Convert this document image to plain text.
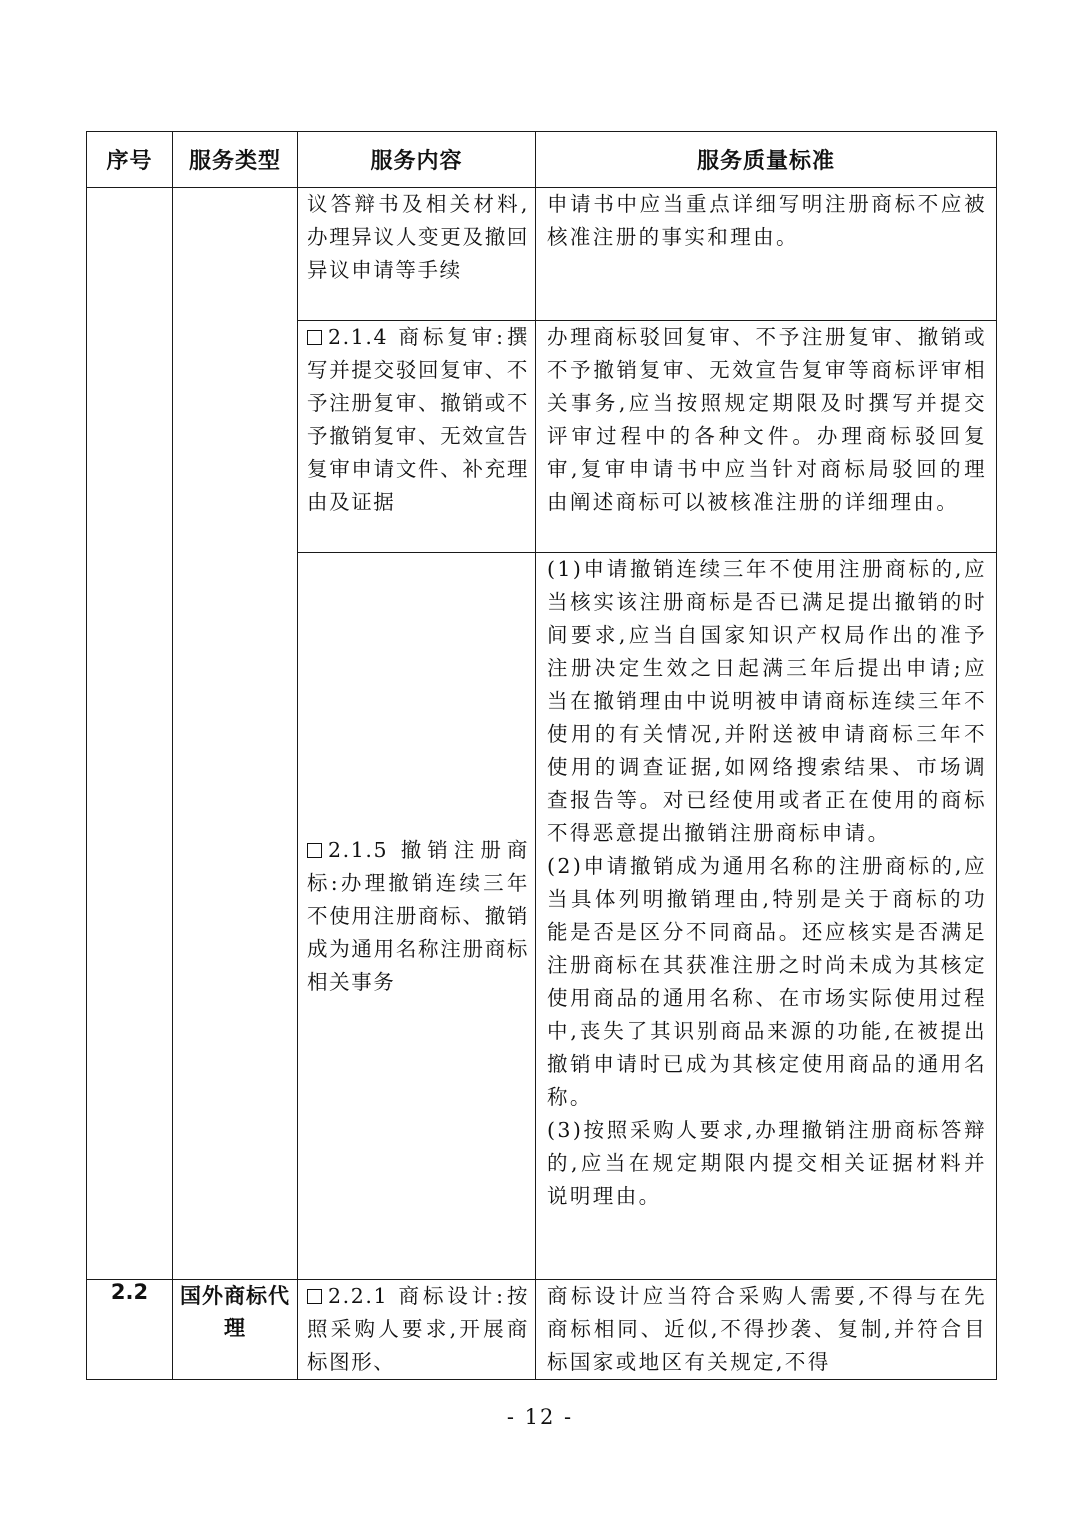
序号	服务类型	服务内容	服务质量标准

		议答辩书及相关材料,办理异议人变更及撤回异议申请等手续	申请书中应当重点详细写明注册商标不应被核准注册的事实和理由。

		2.1.4 商标复审:撰写并提交驳回复审、不予注册复审、撤销或不予撤销复审、无效宣告复审申请文件、补充理由及证据	办理商标驳回复审、不予注册复审、撤销或不予撤销复审、无效宣告复审等商标评审相关事务,应当按照规定期限及时撰写并提交评审过程中的各种文件。办理商标驳回复审,复审申请书中应当针对商标局驳回的理由阐述商标可以被核准注册的详细理由。

		2.1.5 撤销注册商标:办理撤销连续三年不使用注册商标、撤销成为通用名称注册商标相关事务	(1)申请撤销连续三年不使用注册商标的,应当核实该注册商标是否已满足提出撤销的时间要求,应当自国家知识产权局作出的准予注册决定生效之日起满三年后提出申请;应当在撤销理由中说明被申请商标连续三年不使用的有关情况,并附送被申请商标三年不使用的调查证据,如网络搜索结果、市场调查报告等。对已经使用或者正在使用的商标不得恶意提出撤销注册商标申请。
(2)申请撤销成为通用名称的注册商标的,应当具体列明撤销理由,特别是关于商标的功能是否是区分不同商品。还应核实是否满足注册商标在其获准注册之时尚未成为其核定使用商品的通用名称、在市场实际使用过程中,丧失了其识别商品来源的功能,在被提出撤销申请时已成为其核定使用商品的通用名称。
(3)按照采购人要求,办理撤销注册商标答辩的,应当在规定期限内提交相关证据材料并说明理由。

2.2	国外商标代理	2.2.1 商标设计:按照采购人要求,开展商标图形、	商标设计应当符合采购人需要,不得与在先商标相同、近似,不得抄袭、复制,并符合目标国家或地区有关规定,不得
- 12 -
